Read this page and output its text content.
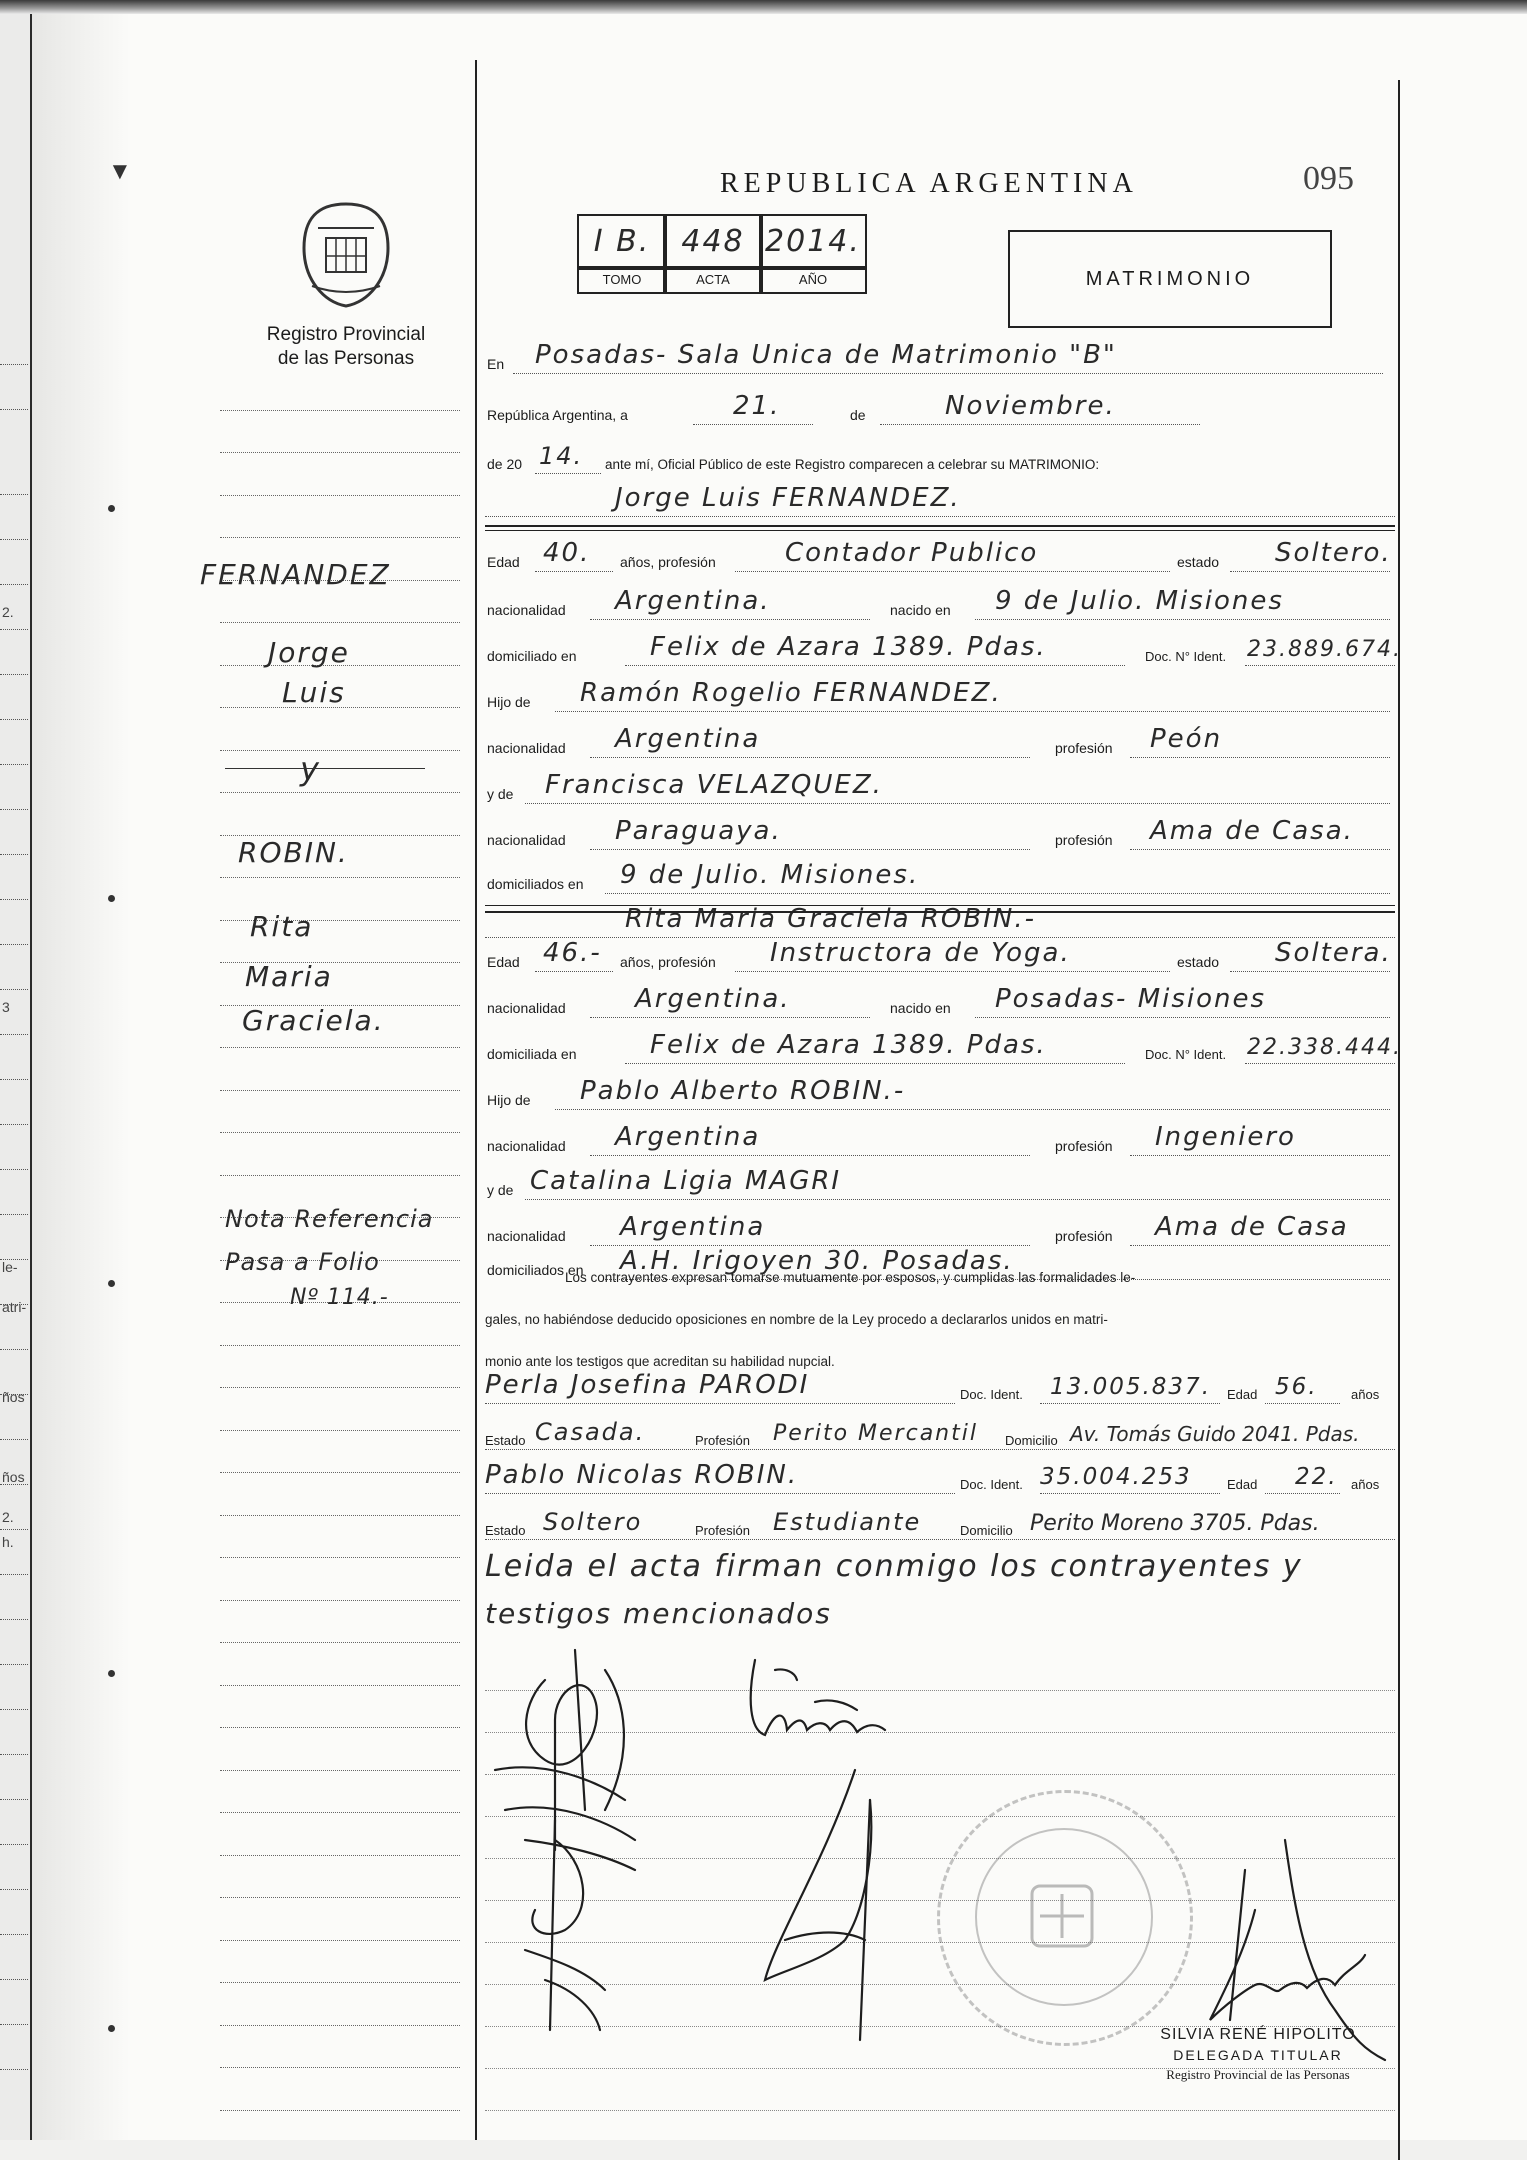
2.
3
le-
atri-
ños
ños
2.
h.
▼	REPUBLICA ARGENTINA	095
Registro Provincial
de las Personas
I B.	448 2014.
TOMO	ACTA	AÑO	MATRIMONIO
En Posadas- Sala Unica de Matrimonio "B"
República Argentina, a	21.	de	Noviembre.
de 20 14. ante mí, Oficial Público de este Registro comparecen a celebrar su MATRIMONIO:
Jorge Luis FERNANDEZ.
Edad 40. años, profesión	Contador Publico	estado Soltero.
nacionalidad Argentina.	nacido en 9 de Julio. Misiones
domiciliado en	Felix de Azara 1389. Pdas.	Doc. N° Ident. 23.889.674.
Hijo de Ramón Rogelio FERNANDEZ.
nacionalidad Argentina	profesión Peón
y de Francisca VELAZQUEZ.
nacionalidad Paraguaya.	profesión Ama de Casa.
domiciliados en 9 de Julio. Misiones.
Rita Maria Graciela ROBIN.-
Edad 46.- años, profesión Instructora de Yoga.	estado Soltera.
nacionalidad	Argentina.	nacido en Posadas- Misiones
domiciliada en	Felix de Azara 1389. Pdas.	Doc. N° Ident. 22.338.444.
Hijo de Pablo Alberto ROBIN.-
nacionalidad Argentina	profesión Ingeniero
y de Catalina Ligia MAGRI
nacionalidad Argentina	profesión Ama de Casa
domiciliados en A.H. Irigoyen 30. Posadas.
Los contrayentes expresan tomarse mutuamente por esposos, y cumplidas las formalidades le-
gales, no habiéndose deducido oposiciones en nombre de la Ley procedo a declararlos unidos en matri-
monio ante los testigos que acreditan su habilidad nupcial.
Perla Josefina PARODI	Doc. Ident. 13.005.837. Edad 56.	años
Estado Casada.	Profesión Perito Mercantil Domicilio Av. Tomás Guido 2041. Pdas.
Pablo Nicolas ROBIN.	Doc. Ident. 35.004.253	Edad 22. años
Estado Soltero	Profesión Estudiante	Domicilio Perito Moreno 3705. Pdas.
Leida el acta firman conmigo los contrayentes y
testigos mencionados
SILVIA RENÉ HIPOLITO
DELEGADA TITULAR
Registro Provincial de las Personas
FERNANDEZ
Jorge
Luis
y
ROBIN.
Rita
Maria
Graciela.
Nota Referencia
Pasa a Folio
Nº 114.-
